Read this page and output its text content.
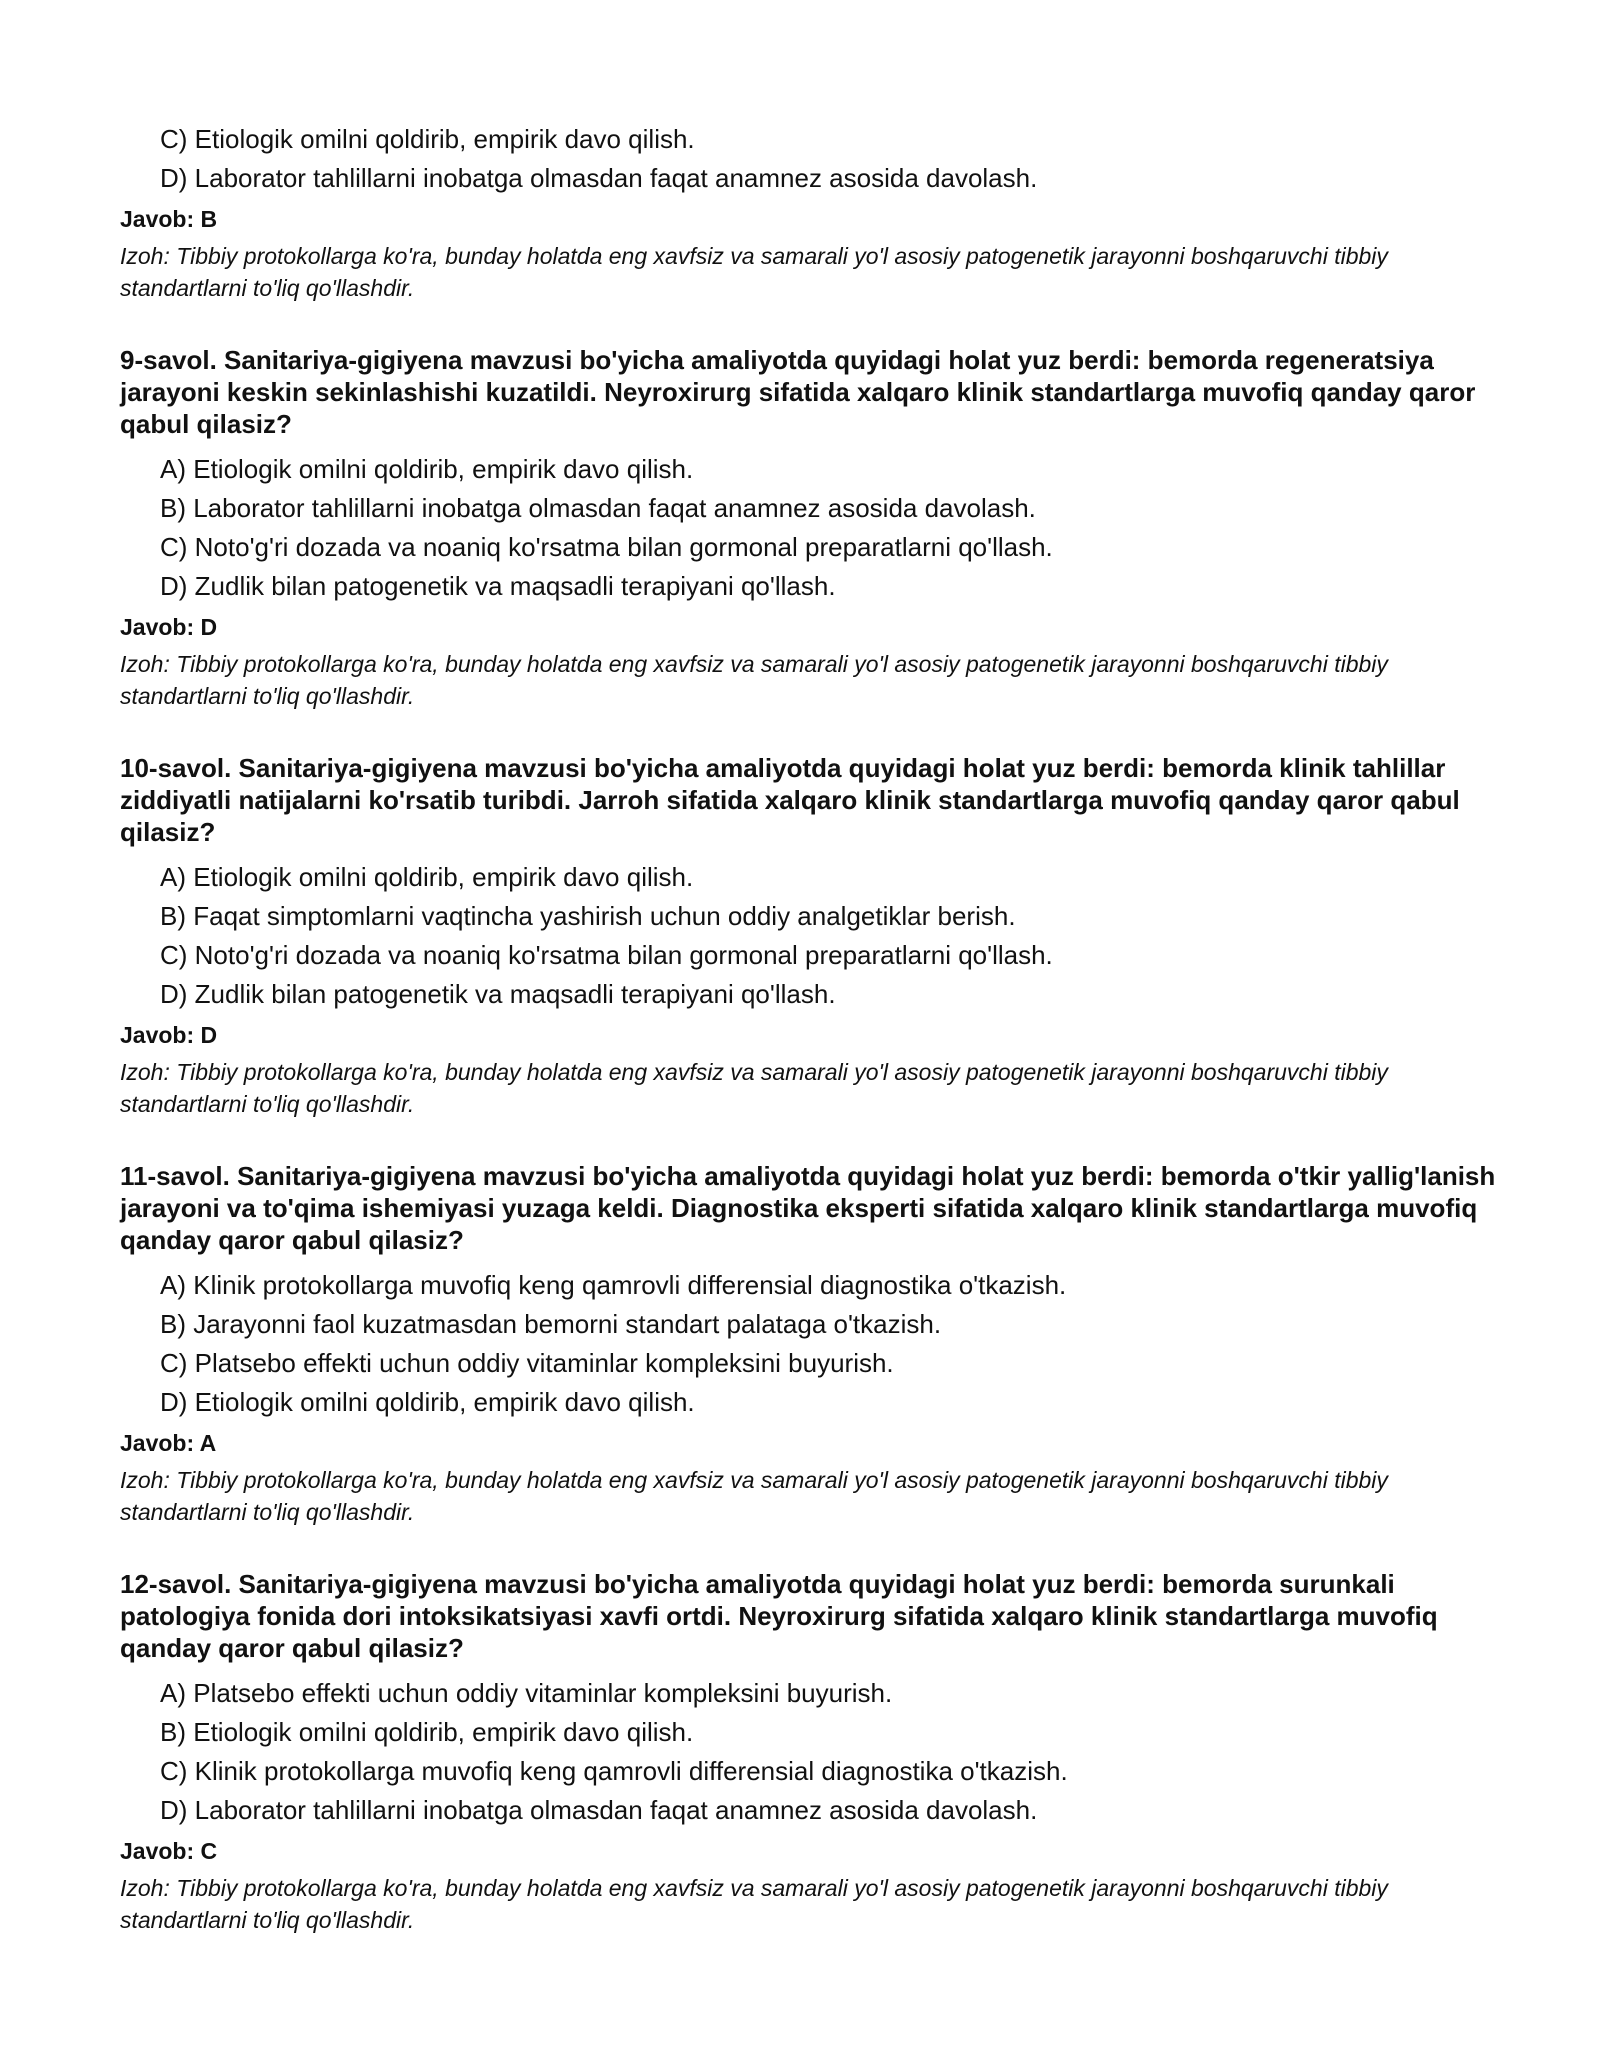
C) Etiologik omilni qoldirib, empirik davo qilish.
D) Laborator tahlillarni inobatga olmasdan faqat anamnez asosida davolash.
Javob: B
Izoh: Tibbiy protokollarga ko'ra, bunday holatda eng xavfsiz va samarali yo'l asosiy patogenetik jarayonni boshqaruvchi tibbiy standartlarni to'liq qo'llashdir.
9-savol. Sanitariya-gigiyena mavzusi bo'yicha amaliyotda quyidagi holat yuz berdi: bemorda regeneratsiya jarayoni keskin sekinlashishi kuzatildi. Neyroxirurg sifatida xalqaro klinik standartlarga muvofiq qanday qaror qabul qilasiz?
A) Etiologik omilni qoldirib, empirik davo qilish.
B) Laborator tahlillarni inobatga olmasdan faqat anamnez asosida davolash.
C) Noto'g'ri dozada va noaniq ko'rsatma bilan gormonal preparatlarni qo'llash.
D) Zudlik bilan patogenetik va maqsadli terapiyani qo'llash.
Javob: D
Izoh: Tibbiy protokollarga ko'ra, bunday holatda eng xavfsiz va samarali yo'l asosiy patogenetik jarayonni boshqaruvchi tibbiy standartlarni to'liq qo'llashdir.
10-savol. Sanitariya-gigiyena mavzusi bo'yicha amaliyotda quyidagi holat yuz berdi: bemorda klinik tahlillar ziddiyatli natijalarni ko'rsatib turibdi. Jarroh sifatida xalqaro klinik standartlarga muvofiq qanday qaror qabul qilasiz?
A) Etiologik omilni qoldirib, empirik davo qilish.
B) Faqat simptomlarni vaqtincha yashirish uchun oddiy analgetiklar berish.
C) Noto'g'ri dozada va noaniq ko'rsatma bilan gormonal preparatlarni qo'llash.
D) Zudlik bilan patogenetik va maqsadli terapiyani qo'llash.
Javob: D
Izoh: Tibbiy protokollarga ko'ra, bunday holatda eng xavfsiz va samarali yo'l asosiy patogenetik jarayonni boshqaruvchi tibbiy standartlarni to'liq qo'llashdir.
11-savol. Sanitariya-gigiyena mavzusi bo'yicha amaliyotda quyidagi holat yuz berdi: bemorda o'tkir yallig'lanish jarayoni va to'qima ishemiyasi yuzaga keldi. Diagnostika eksperti sifatida xalqaro klinik standartlarga muvofiq qanday qaror qabul qilasiz?
A) Klinik protokollarga muvofiq keng qamrovli differensial diagnostika o'tkazish.
B) Jarayonni faol kuzatmasdan bemorni standart palataga o'tkazish.
C) Platsebo effekti uchun oddiy vitaminlar kompleksini buyurish.
D) Etiologik omilni qoldirib, empirik davo qilish.
Javob: A
Izoh: Tibbiy protokollarga ko'ra, bunday holatda eng xavfsiz va samarali yo'l asosiy patogenetik jarayonni boshqaruvchi tibbiy standartlarni to'liq qo'llashdir.
12-savol. Sanitariya-gigiyena mavzusi bo'yicha amaliyotda quyidagi holat yuz berdi: bemorda surunkali patologiya fonida dori intoksikatsiyasi xavfi ortdi. Neyroxirurg sifatida xalqaro klinik standartlarga muvofiq qanday qaror qabul qilasiz?
A) Platsebo effekti uchun oddiy vitaminlar kompleksini buyurish.
B) Etiologik omilni qoldirib, empirik davo qilish.
C) Klinik protokollarga muvofiq keng qamrovli differensial diagnostika o'tkazish.
D) Laborator tahlillarni inobatga olmasdan faqat anamnez asosida davolash.
Javob: C
Izoh: Tibbiy protokollarga ko'ra, bunday holatda eng xavfsiz va samarali yo'l asosiy patogenetik jarayonni boshqaruvchi tibbiy standartlarni to'liq qo'llashdir.
